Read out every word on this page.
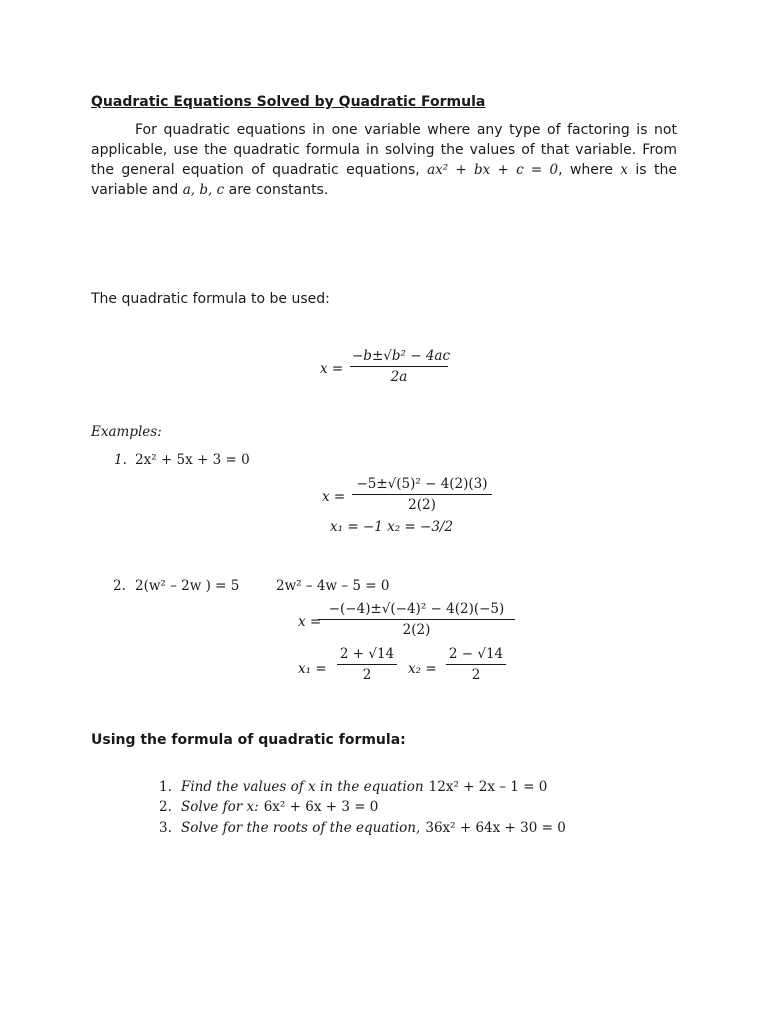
Quadratic Equations Solved by Quadratic Formula
For quadratic equations in one variable where any type of factoring is not applicable, use the quadratic formula in solving the values of that variable. From the general equation of quadratic equations, ax² + bx + c = 0, where x is the variable and a, b, c are constants.
The quadratic formula to be used:
$x = \frac{\text{−b±√b² − 4ac}}{2a}$
Examples:
1. 2x² + 5x + 3 = 0
$x = \frac{\text{−5±√(5)² − 4(2)(3)}}{2(2)}$
x₁ = −1 x₂ = −3/2
2. 2(w² – 2w ) = 5	2w² – 4w – 5 = 0
x =
$\frac{\text{−(−4)±√(−4)² − 4(2)(−5)}}{2(2)}$
$x_1 = \frac{2 + √14}{2} x_2 = \frac{2 - √14}{2}$
Using the formula of quadratic formula:
1. Find the values of x in the equation 12x² + 2x – 1 = 0
2. Solve for x: 6x² + 6x + 3 = 0
3. Solve for the roots of the equation, 36x² + 64x + 30 = 0
